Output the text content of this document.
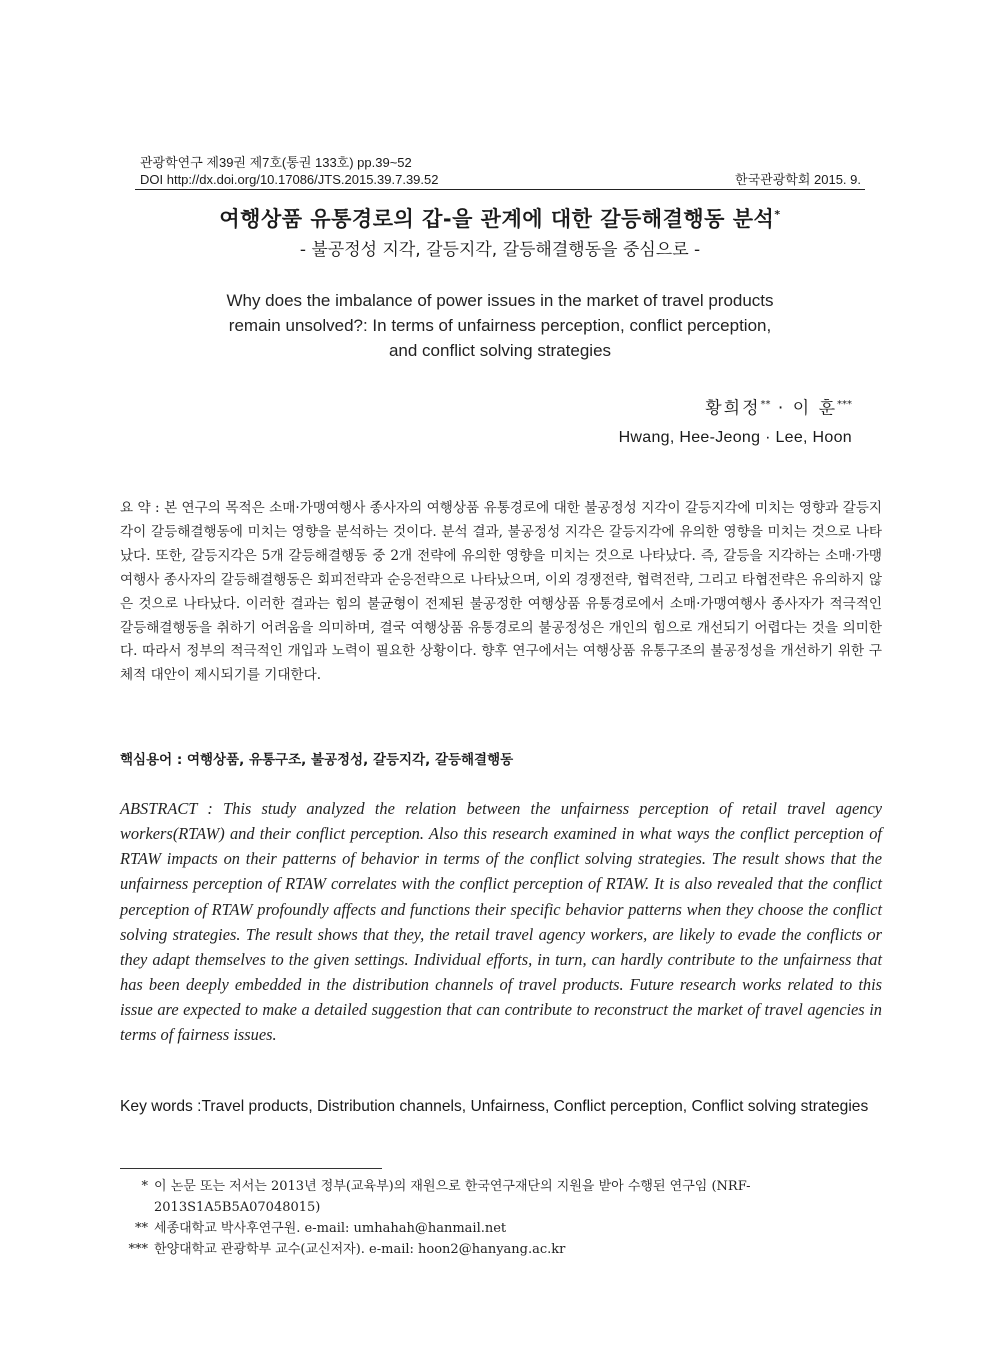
관광학연구 제39권 제7호(통권 133호) pp.39~52
DOI http://dx.doi.org/10.17086/JTS.2015.39.7.39.52	한국관광학회 2015. 9.
여행상품 유통경로의 갑-을 관계에 대한 갈등해결행동 분석*
- 불공정성 지각, 갈등지각, 갈등해결행동을 중심으로 -
Why does the imbalance of power issues in the market of travel products
remain unsolved?: In terms of unfairness perception, conflict perception,
and conflict solving strategies
황희정** · 이 훈***
Hwang, Hee-Jeong · Lee, Hoon
요 약 : 본 연구의 목적은 소매·가맹여행사 종사자의 여행상품 유통경로에 대한 불공정성 지각이 갈등지각에 미치는 영향과 갈등지각이 갈등해결행동에 미치는 영향을 분석하는 것이다. 분석 결과, 불공정성 지각은 갈등지각에 유의한 영향을 미치는 것으로 나타났다. 또한, 갈등지각은 5개 갈등해결행동 중 2개 전략에 유의한 영향을 미치는 것으로 나타났다. 즉, 갈등을 지각하는 소매·가맹여행사 종사자의 갈등해결행동은 회피전략과 순응전략으로 나타났으며, 이외 경쟁전략, 협력전략, 그리고 타협전략은 유의하지 않은 것으로 나타났다. 이러한 결과는 힘의 불균형이 전제된 불공정한 여행상품 유통경로에서 소매·가맹여행사 종사자가 적극적인 갈등해결행동을 취하기 어려움을 의미하며, 결국 여행상품 유통경로의 불공정성은 개인의 힘으로 개선되기 어렵다는 것을 의미한다. 따라서 정부의 적극적인 개입과 노력이 필요한 상황이다. 향후 연구에서는 여행상품 유통구조의 불공정성을 개선하기 위한 구체적 대안이 제시되기를 기대한다.
핵심용어 : 여행상품, 유통구조, 불공정성, 갈등지각, 갈등해결행동
ABSTRACT : This study analyzed the relation between the unfairness perception of retail travel agency workers(RTAW) and their conflict perception. Also this research examined in what ways the conflict perception of RTAW impacts on their patterns of behavior in terms of the conflict solving strategies. The result shows that the unfairness perception of RTAW correlates with the conflict perception of RTAW. It is also revealed that the conflict perception of RTAW profoundly affects and functions their specific behavior patterns when they choose the conflict solving strategies. The result shows that they, the retail travel agency workers, are likely to evade the conflicts or they adapt themselves to the given settings. Individual efforts, in turn, can hardly contribute to the unfairness that has been deeply embedded in the distribution channels of travel products. Future research works related to this issue are expected to make a detailed suggestion that can contribute to reconstruct the market of travel agencies in terms of fairness issues.
Key words : Travel products, Distribution channels, Unfairness, Conflict perception, Conflict solving strategies
* 이 논문 또는 저서는 2013년 정부(교육부)의 재원으로 한국연구재단의 지원을 받아 수행된 연구임 (NRF-2013S1A5B5A07048015)
** 세종대학교 박사후연구원. e-mail: umhahah@hanmail.net
*** 한양대학교 관광학부 교수(교신저자). e-mail: hoon2@hanyang.ac.kr
